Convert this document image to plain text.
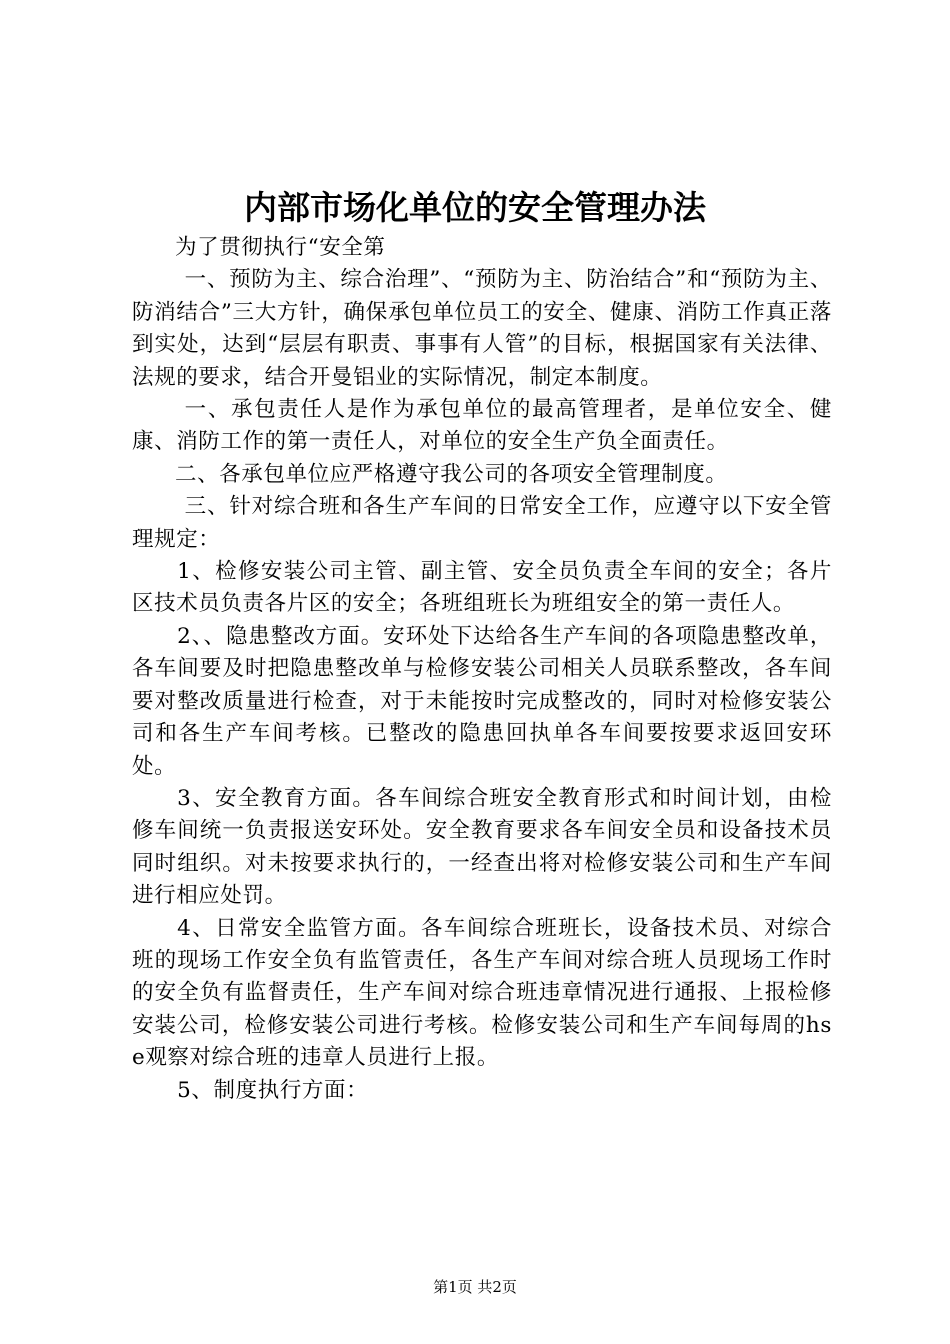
内部市场化单位的安全管理办法

为了贯彻执行“安全第

一、预防为主、综合治理”、“预防为主、防治结合”和“预防为主、防消结合”三大方针，确保承包单位员工的安全、健康、消防工作真正落到实处，达到“层层有职责、事事有人管”的目标，根据国家有关法律、法规的要求，结合开曼铝业的实际情况，制定本制度。

一、承包责任人是作为承包单位的最高管理者，是单位安全、健康、消防工作的第一责任人，对单位的安全生产负全面责任。

二、各承包单位应严格遵守我公司的各项安全管理制度。

三、针对综合班和各生产车间的日常安全工作，应遵守以下安全管理规定：

1、检修安装公司主管、副主管、安全员负责全车间的安全；各片区技术员负责各片区的安全；各班组班长为班组安全的第一责任人。

2、、隐患整改方面。安环处下达给各生产车间的各项隐患整改单，各车间要及时把隐患整改单与检修安装公司相关人员联系整改，各车间要对整改质量进行检查，对于未能按时完成整改的，同时对检修安装公司和各生产车间考核。已整改的隐患回执单各车间要按要求返回安环处。

3、安全教育方面。各车间综合班安全教育形式和时间计划，由检修车间统一负责报送安环处。安全教育要求各车间安全员和设备技术员同时组织。对未按要求执行的，一经查出将对检修安装公司和生产车间进行相应处罚。

4、日常安全监管方面。各车间综合班班长，设备技术员、对综合班的现场工作安全负有监管责任，各生产车间对综合班人员现场工作时的安全负有监督责任，生产车间对综合班违章情况进行通报、上报检修安装公司，检修安装公司进行考核。检修安装公司和生产车间每周的hse观察对综合班的违章人员进行上报。

5、制度执行方面：

第1页 共2页
